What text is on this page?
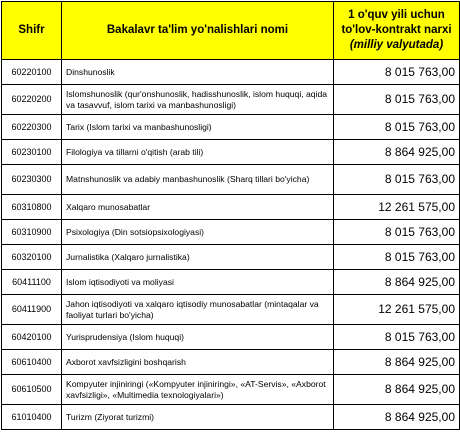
Shifr	Bakalavr ta'lim yo'nalishlari nomi	1 o'quv yili uchun
to'lov-kontrakt narxi
(milliy valyutada)

60220100	Dinshunoslik	8 015 763,00
60220200	Islomshunoslik (qur'onshunoslik, hadisshunoslik, islom huquqi, aqida va tasavvuf, islom tarixi va manbashunosligi)	8 015 763,00
60220300	Tarix (Islom tarixi va manbashunosligi)	8 015 763,00
60230100	Filologiya va tillarni o'qitish (arab tili)	8 864 925,00
60230300	Matnshunoslik va adabiy manbashunoslik (Sharq tillari bo'yicha)	8 015 763,00
60310800	Xalqaro munosabatlar	12 261 575,00
60310900	Psixologiya (Din sotsiopsixologiyasi)	8 015 763,00
60320100	Jurnalistika (Xalqaro jurnalistika)	8 015 763,00
60411100	Islom iqtisodiyoti va moliyasi	8 864 925,00
60411900	Jahon iqtisodiyoti va xalqaro iqtisodiy munosabatlar (mintaqalar va faoliyat turlari bo'yicha)	12 261 575,00
60420100	Yurisprudensiya (Islom huquqi)	8 015 763,00
60610400	Axborot xavfsizligini boshqarish	8 864 925,00
60610500	Kompyuter injiniringi («Kompyuter injiniringi», «AT-Servis», «Axborot xavfsizligi», «Multimedia texnologiyalari»)	8 864 925,00
61010400	Turizm (Ziyorat turizmi)	8 864 925,00
